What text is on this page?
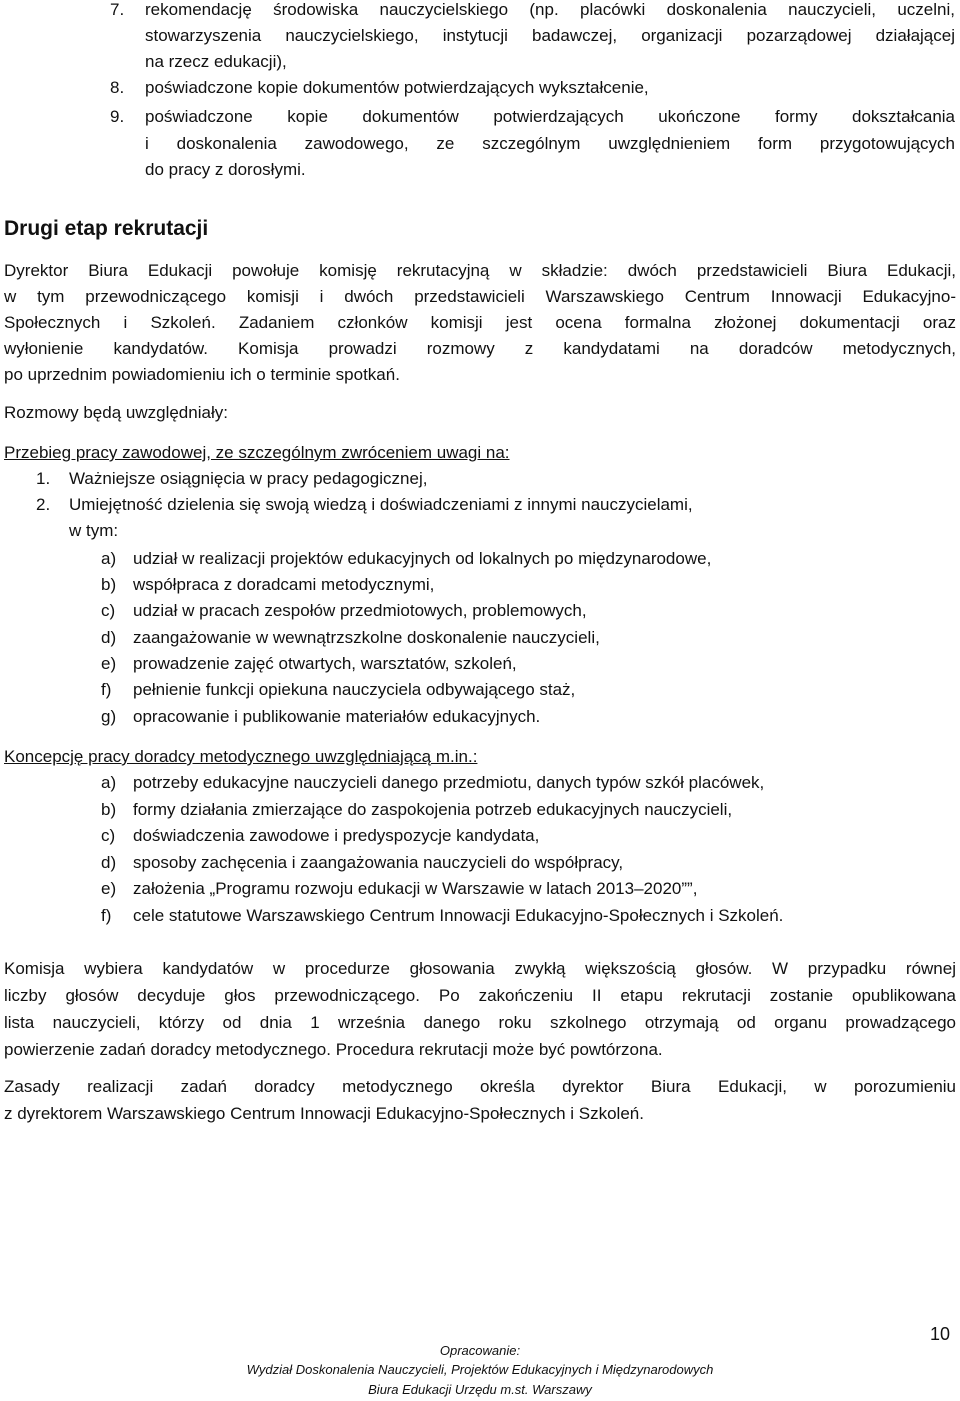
7. rekomendację środowiska nauczycielskiego (np. placówki doskonalenia nauczycieli, uczelni,
stowarzyszenia nauczycielskiego, instytucji badawczej, organizacji pozarządowej działającej
na rzecz edukacji),
8. poświadczone kopie dokumentów potwierdzających wykształcenie,
9. poświadczone kopie dokumentów potwierdzających ukończone formy dokształcania
i doskonalenia zawodowego, ze szczególnym uwzględnieniem form przygotowujących
do pracy z dorosłymi.
Drugi etap rekrutacji
Dyrektor Biura Edukacji powołuje komisję rekrutacyjną w składzie: dwóch przedstawicieli Biura Edukacji,
w tym przewodniczącego komisji i dwóch przedstawicieli Warszawskiego Centrum Innowacji Edukacyjno-
Społecznych i Szkoleń. Zadaniem członków komisji jest ocena formalna złożonej dokumentacji oraz
wyłonienie kandydatów. Komisja prowadzi rozmowy z kandydatami na doradców metodycznych,
po uprzednim powiadomieniu ich o terminie spotkań.
Rozmowy będą uwzględniały:
Przebieg pracy zawodowej, ze szczególnym zwróceniem uwagi na:
1. Ważniejsze osiągnięcia w pracy pedagogicznej,
2. Umiejętność dzielenia się swoją wiedzą i doświadczeniami z innymi nauczycielami,
w tym:
a) udział w realizacji projektów edukacyjnych od lokalnych po międzynarodowe,
b) współpraca z doradcami metodycznymi,
c) udział w pracach zespołów przedmiotowych, problemowych,
d) zaangażowanie w wewnątrzszkolne doskonalenie nauczycieli,
e) prowadzenie zajęć otwartych, warsztatów, szkoleń,
f) pełnienie funkcji opiekuna nauczyciela odbywającego staż,
g) opracowanie i publikowanie materiałów edukacyjnych.
Koncepcję pracy doradcy metodycznego uwzględniającą m.in.:
a) potrzeby edukacyjne nauczycieli danego przedmiotu, danych typów szkół placówek,
b) formy działania zmierzające do zaspokojenia potrzeb edukacyjnych nauczycieli,
c) doświadczenia zawodowe i predyspozycje kandydata,
d) sposoby zachęcenia i zaangażowania nauczycieli do współpracy,
e) założenia „Programu rozwoju edukacji w Warszawie w latach 2013–2020””,
f) cele statutowe Warszawskiego Centrum Innowacji Edukacyjno-Społecznych i Szkoleń.
Komisja wybiera kandydatów w procedurze głosowania zwykłą większością głosów. W przypadku równej
liczby głosów decyduje głos przewodniczącego. Po zakończeniu II etapu rekrutacji zostanie opublikowana
lista nauczycieli, którzy od dnia 1 września danego roku szkolnego otrzymają od organu prowadzącego
powierzenie zadań doradcy metodycznego. Procedura rekrutacji może być powtórzona.
Zasady realizacji zadań doradcy metodycznego określa dyrektor Biura Edukacji, w porozumieniu
z dyrektorem Warszawskiego Centrum Innowacji Edukacyjno-Społecznych i Szkoleń.
10
Opracowanie:
Wydział Doskonalenia Nauczycieli, Projektów Edukacyjnych i Międzynarodowych
Biura Edukacji Urzędu m.st. Warszawy
